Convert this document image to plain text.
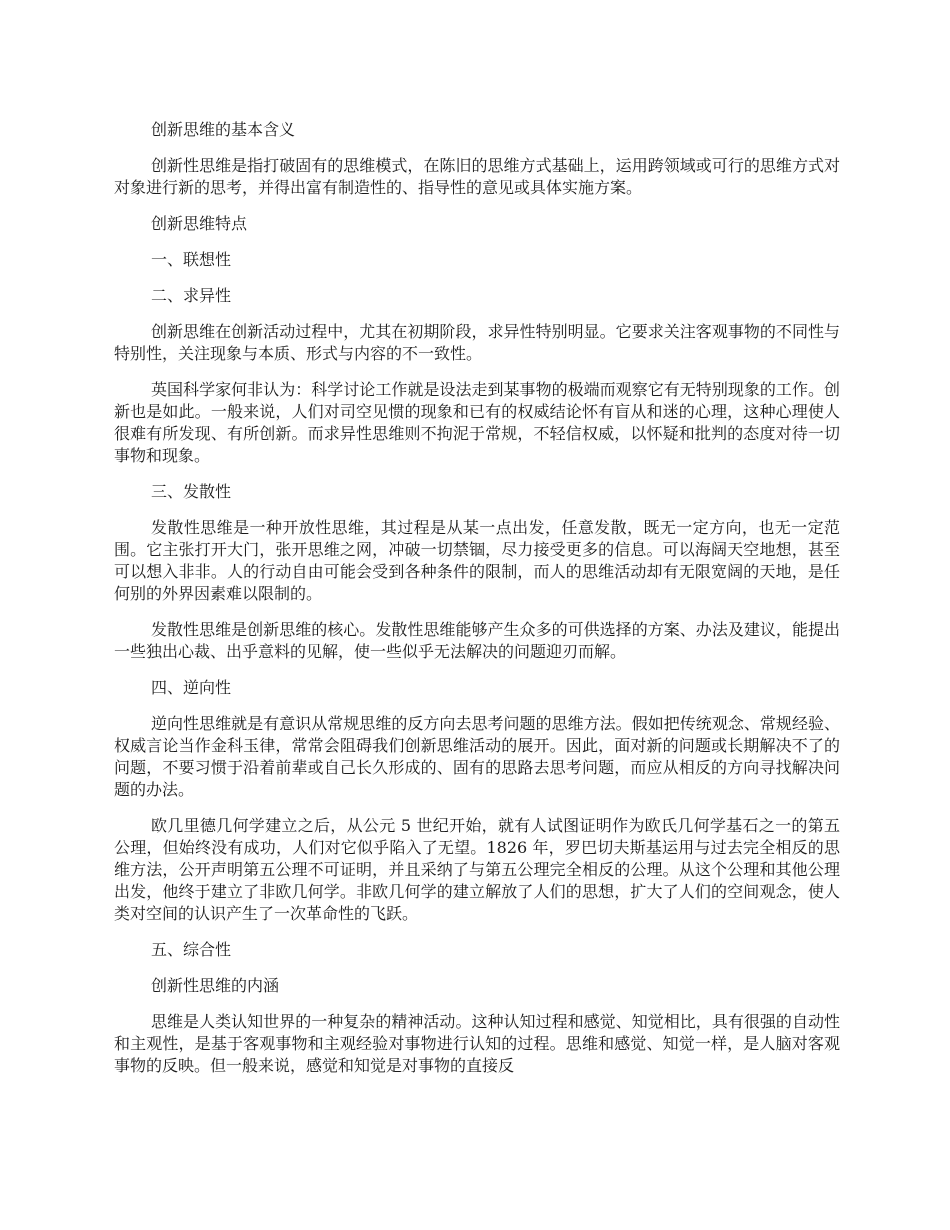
创新思维的基本含义

创新性思维是指打破固有的思维模式，在陈旧的思维方式基础上，运用跨领域或可行的思维方式对对象进行新的思考，并得出富有制造性的、指导性的意见或具体实施方案。

创新思维特点

一、联想性

二、求异性

创新思维在创新活动过程中，尤其在初期阶段，求异性特别明显。它要求关注客观事物的不同性与特别性，关注现象与本质、形式与内容的不一致性。

英国科学家何非认为：科学讨论工作就是设法走到某事物的极端而观察它有无特别现象的工作。创新也是如此。一般来说，人们对司空见惯的现象和已有的权威结论怀有盲从和迷的心理，这种心理使人很难有所发现、有所创新。而求异性思维则不拘泥于常规，不轻信权威，以怀疑和批判的态度对待一切事物和现象。

三、发散性

发散性思维是一种开放性思维，其过程是从某一点出发，任意发散，既无一定方向，也无一定范围。它主张打开大门，张开思维之网，冲破一切禁锢，尽力接受更多的信息。可以海阔天空地想，甚至可以想入非非。人的行动自由可能会受到各种条件的限制，而人的思维活动却有无限宽阔的天地，是任何别的外界因素难以限制的。

发散性思维是创新思维的核心。发散性思维能够产生众多的可供选择的方案、办法及建议，能提出一些独出心裁、出乎意料的见解，使一些似乎无法解决的问题迎刃而解。

四、逆向性

逆向性思维就是有意识从常规思维的反方向去思考问题的思维方法。假如把传统观念、常规经验、权威言论当作金科玉律，常常会阻碍我们创新思维活动的展开。因此，面对新的问题或长期解决不了的问题，不要习惯于沿着前辈或自己长久形成的、固有的思路去思考问题，而应从相反的方向寻找解决问题的办法。

欧几里德几何学建立之后，从公元 5 世纪开始，就有人试图证明作为欧氏几何学基石之一的第五公理，但始终没有成功，人们对它似乎陷入了无望。1826 年，罗巴切夫斯基运用与过去完全相反的思维方法，公开声明第五公理不可证明，并且采纳了与第五公理完全相反的公理。从这个公理和其他公理出发，他终于建立了非欧几何学。非欧几何学的建立解放了人们的思想，扩大了人们的空间观念，使人类对空间的认识产生了一次革命性的飞跃。

五、综合性

创新性思维的内涵

思维是人类认知世界的一种复杂的精神活动。这种认知过程和感觉、知觉相比，具有很强的自动性和主观性，是基于客观事物和主观经验对事物进行认知的过程。思维和感觉、知觉一样，是人脑对客观事物的反映。但一般来说，感觉和知觉是对事物的直接反
